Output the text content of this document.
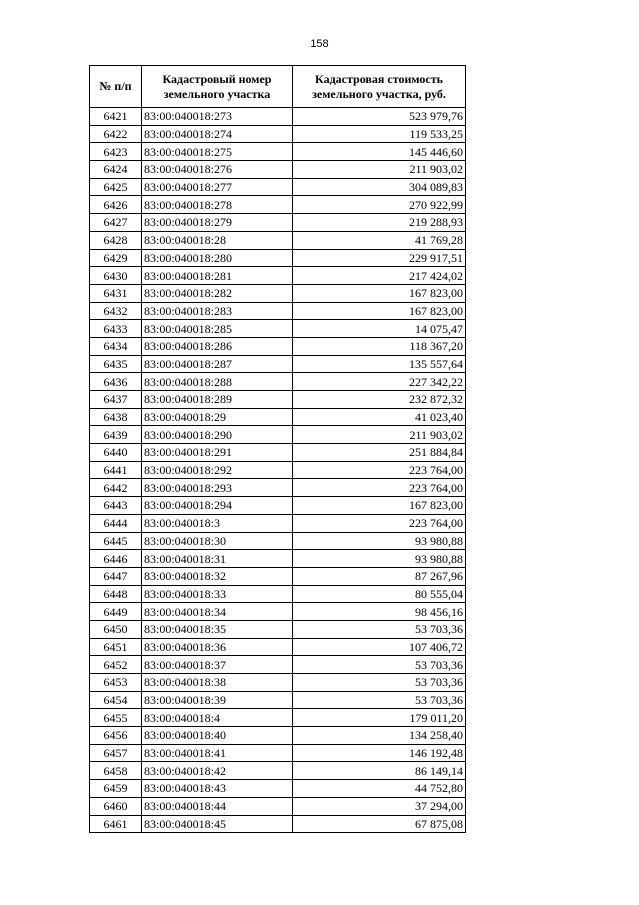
158
№ п/п	Кадастровый номер земельного участка	Кадастровая стоимость земельного участка, руб.
6421	83:00:040018:273	523 979,76
6422	83:00:040018:274	119 533,25
6423	83:00:040018:275	145 446,60
6424	83:00:040018:276	211 903,02
6425	83:00:040018:277	304 089,83
6426	83:00:040018:278	270 922,99
6427	83:00:040018:279	219 288,93
6428	83:00:040018:28	41 769,28
6429	83:00:040018:280	229 917,51
6430	83:00:040018:281	217 424,02
6431	83:00:040018:282	167 823,00
6432	83:00:040018:283	167 823,00
6433	83:00:040018:285	14 075,47
6434	83:00:040018:286	118 367,20
6435	83:00:040018:287	135 557,64
6436	83:00:040018:288	227 342,22
6437	83:00:040018:289	232 872,32
6438	83:00:040018:29	41 023,40
6439	83:00:040018:290	211 903,02
6440	83:00:040018:291	251 884,84
6441	83:00:040018:292	223 764,00
6442	83:00:040018:293	223 764,00
6443	83:00:040018:294	167 823,00
6444	83:00:040018:3	223 764,00
6445	83:00:040018:30	93 980,88
6446	83:00:040018:31	93 980,88
6447	83:00:040018:32	87 267,96
6448	83:00:040018:33	80 555,04
6449	83:00:040018:34	98 456,16
6450	83:00:040018:35	53 703,36
6451	83:00:040018:36	107 406,72
6452	83:00:040018:37	53 703,36
6453	83:00:040018:38	53 703,36
6454	83:00:040018:39	53 703,36
6455	83:00:040018:4	179 011,20
6456	83:00:040018:40	134 258,40
6457	83:00:040018:41	146 192,48
6458	83:00:040018:42	86 149,14
6459	83:00:040018:43	44 752,80
6460	83:00:040018:44	37 294,00
6461	83:00:040018:45	67 875,08
